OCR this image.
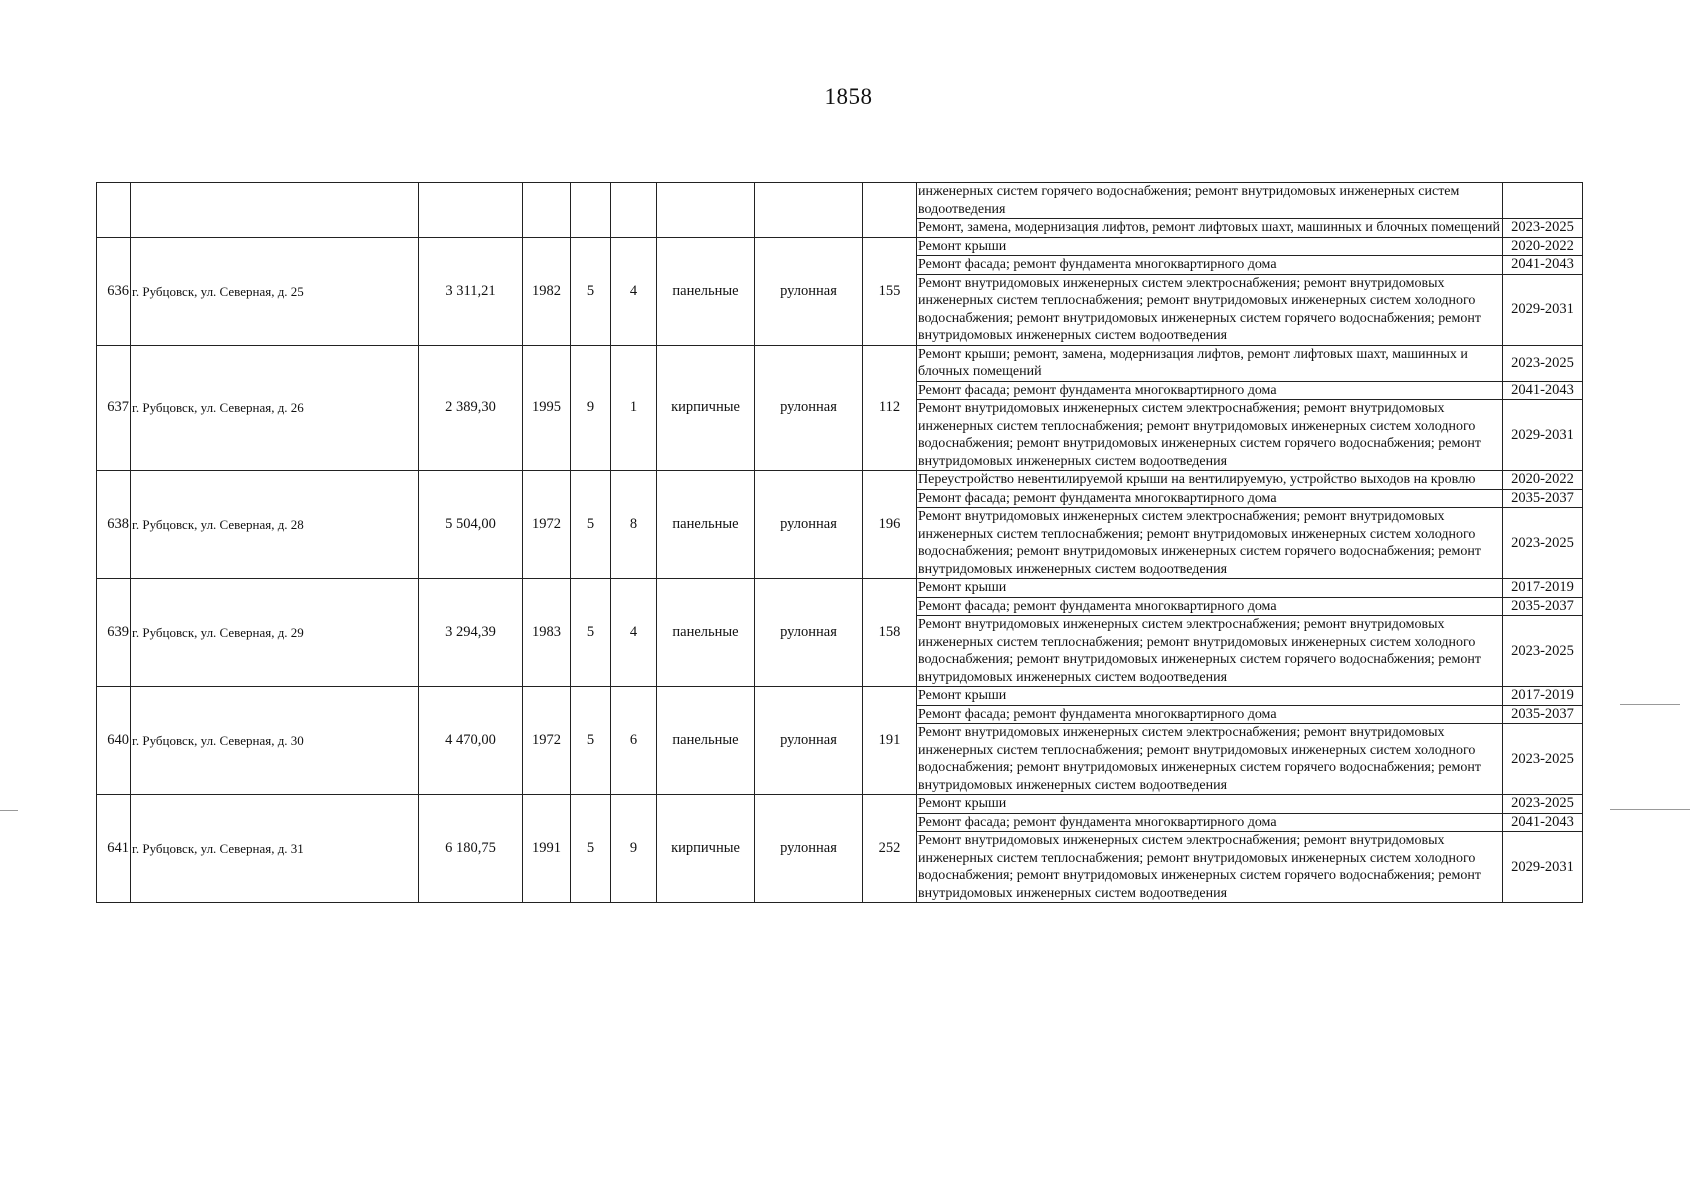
1858
									инженерных систем горячего водоснабжения; ремонт внутридомовых инженерных систем водоотведения	
									Ремонт, замена, модернизация лифтов, ремонт лифтовых шахт, машинных и блочных помещений	2023-2025
636	г. Рубцовск, ул. Северная, д. 25	3 311,21	1982	5	4	панельные	рулонная	155	Ремонт крыши	2020-2022
									Ремонт фасада; ремонт фундамента многоквартирного дома	2041-2043
									Ремонт внутридомовых инженерных систем электроснабжения; ремонт внутридомовых инженерных систем теплоснабжения; ремонт внутридомовых инженерных систем холодного водоснабжения; ремонт внутридомовых инженерных систем горячего водоснабжения; ремонт внутридомовых инженерных систем водоотведения	2029-2031
637	г. Рубцовск, ул. Северная, д. 26	2 389,30	1995	9	1	кирпичные	рулонная	112	Ремонт крыши; ремонт, замена, модернизация лифтов, ремонт лифтовых шахт, машинных и блочных помещений	2023-2025
									Ремонт фасада; ремонт фундамента многоквартирного дома	2041-2043
									Ремонт внутридомовых инженерных систем электроснабжения; ремонт внутридомовых инженерных систем теплоснабжения; ремонт внутридомовых инженерных систем холодного водоснабжения; ремонт внутридомовых инженерных систем горячего водоснабжения; ремонт внутридомовых инженерных систем водоотведения	2029-2031
638	г. Рубцовск, ул. Северная, д. 28	5 504,00	1972	5	8	панельные	рулонная	196	Переустройство невентилируемой крыши на вентилируемую, устройство выходов на кровлю	2020-2022
									Ремонт фасада; ремонт фундамента многоквартирного дома	2035-2037
									Ремонт внутридомовых инженерных систем электроснабжения; ремонт внутридомовых инженерных систем теплоснабжения; ремонт внутридомовых инженерных систем холодного водоснабжения; ремонт внутридомовых инженерных систем горячего водоснабжения; ремонт внутридомовых инженерных систем водоотведения	2023-2025
639	г. Рубцовск, ул. Северная, д. 29	3 294,39	1983	5	4	панельные	рулонная	158	Ремонт крыши	2017-2019
									Ремонт фасада; ремонт фундамента многоквартирного дома	2035-2037
									Ремонт внутридомовых инженерных систем электроснабжения; ремонт внутридомовых инженерных систем теплоснабжения; ремонт внутридомовых инженерных систем холодного водоснабжения; ремонт внутридомовых инженерных систем горячего водоснабжения; ремонт внутридомовых инженерных систем водоотведения	2023-2025
640	г. Рубцовск, ул. Северная, д. 30	4 470,00	1972	5	6	панельные	рулонная	191	Ремонт крыши	2017-2019
									Ремонт фасада; ремонт фундамента многоквартирного дома	2035-2037
									Ремонт внутридомовых инженерных систем электроснабжения; ремонт внутридомовых инженерных систем теплоснабжения; ремонт внутридомовых инженерных систем холодного водоснабжения; ремонт внутридомовых инженерных систем горячего водоснабжения; ремонт внутридомовых инженерных систем водоотведения	2023-2025
641	г. Рубцовск, ул. Северная, д. 31	6 180,75	1991	5	9	кирпичные	рулонная	252	Ремонт крыши	2023-2025
									Ремонт фасада; ремонт фундамента многоквартирного дома	2041-2043
									Ремонт внутридомовых инженерных систем электроснабжения; ремонт внутридомовых инженерных систем теплоснабжения; ремонт внутридомовых инженерных систем холодного водоснабжения; ремонт внутридомовых инженерных систем горячего водоснабжения; ремонт внутридомовых инженерных систем водоотведения	2029-2031
